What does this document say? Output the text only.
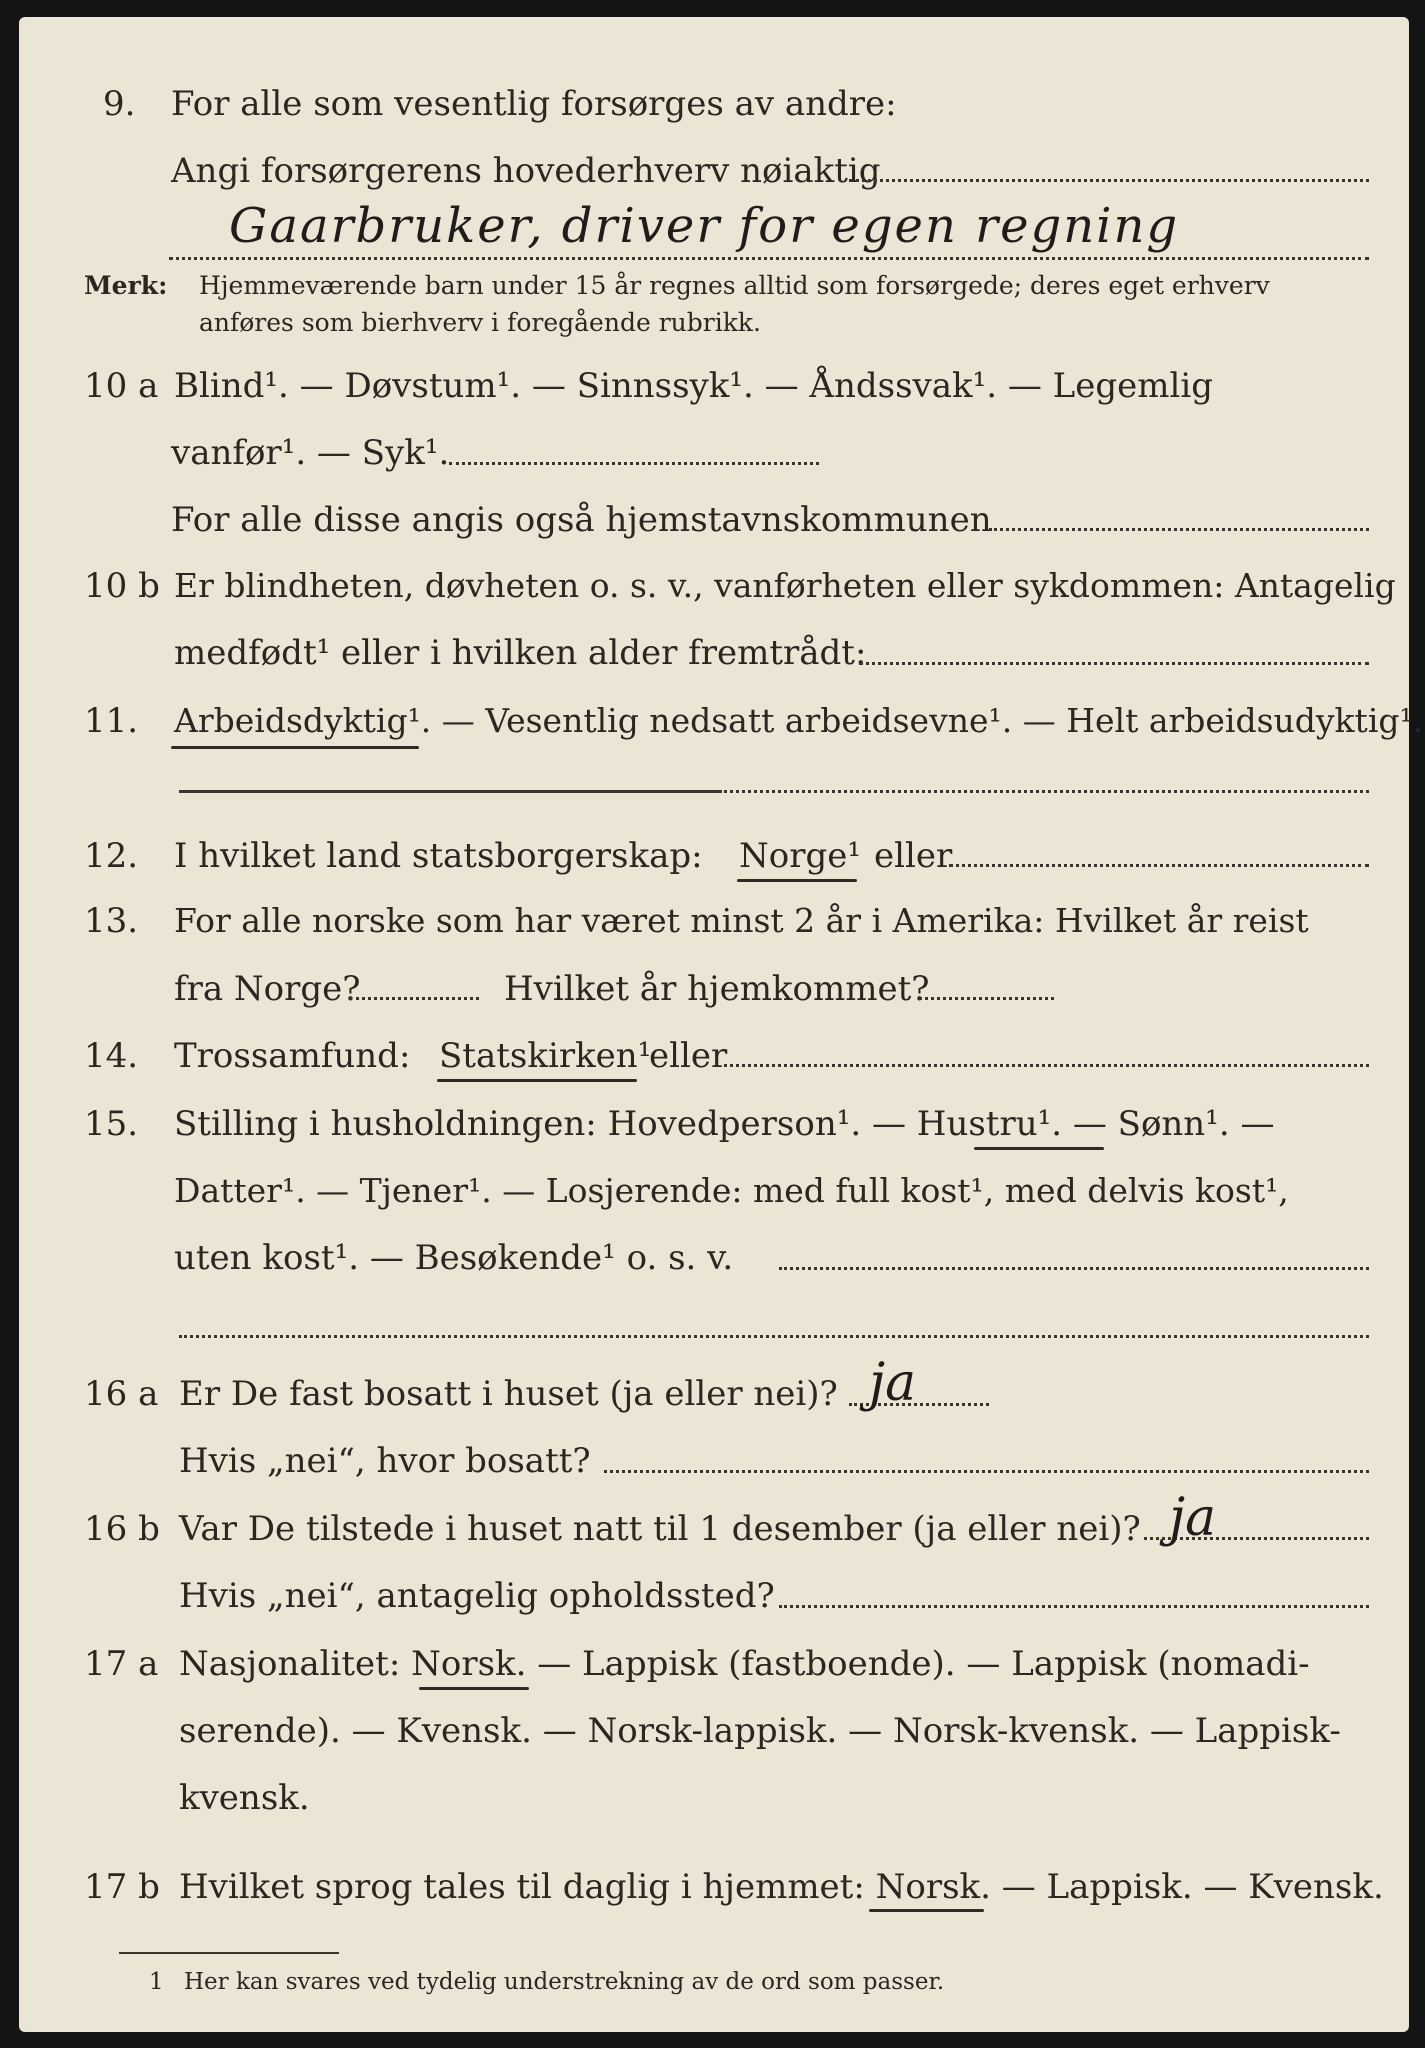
9. For alle som vesentlig forsørges av andre:
Angi forsørgerens hovederhverv nøiaktig
Gaarbruker, driver for egen regning
Merk: Hjemmeværende barn under 15 år regnes alltid som forsørgede; deres eget erhverv
anføres som bierhverv i foregående rubrikk.
10 a Blind¹. — Døvstum¹. — Sinnssyk¹. — Åndssvak¹. — Legemlig
vanfør¹. — Syk¹.
For alle disse angis også hjemstavnskommunen
10 b Er blindheten, døvheten o. s. v., vanførheten eller sykdommen: Antagelig
medfødt¹ eller i hvilken alder fremtrådt:
11. Arbeidsdyktig¹. — Vesentlig nedsatt arbeidsevne¹. — Helt arbeidsudyktig¹.
12. I hvilket land statsborgerskap: Norge¹ eller
13. For alle norske som har været minst 2 år i Amerika: Hvilket år reist
fra Norge?	Hvilket år hjemkommet?
14. Trossamfund: Statskirken¹
eller
15. Stilling i husholdningen: Hovedperson¹. — Hustru¹. — Sønn¹. —
Datter¹. — Tjener¹. — Losjerende: med full kost¹, med delvis kost¹,
uten kost¹. — Besøkende¹ o. s. v.
16 a Er De fast bosatt i huset (ja eller nei)? ja
Hvis „nei“, hvor bosatt?
16 b Var De tilstede i huset natt til 1 desember (ja eller nei)? ja
Hvis „nei“, antagelig opholdssted?
17 a Nasjonalitet: Norsk. — Lappisk (fastboende). — Lappisk (nomadi-
serende). — Kvensk. — Norsk-lappisk. — Norsk-kvensk. — Lappisk-
kvensk.
17 b Hvilket sprog tales til daglig i hjemmet: Norsk. — Lappisk. — Kvensk.
1 Her kan svares ved tydelig understrekning av de ord som passer.
